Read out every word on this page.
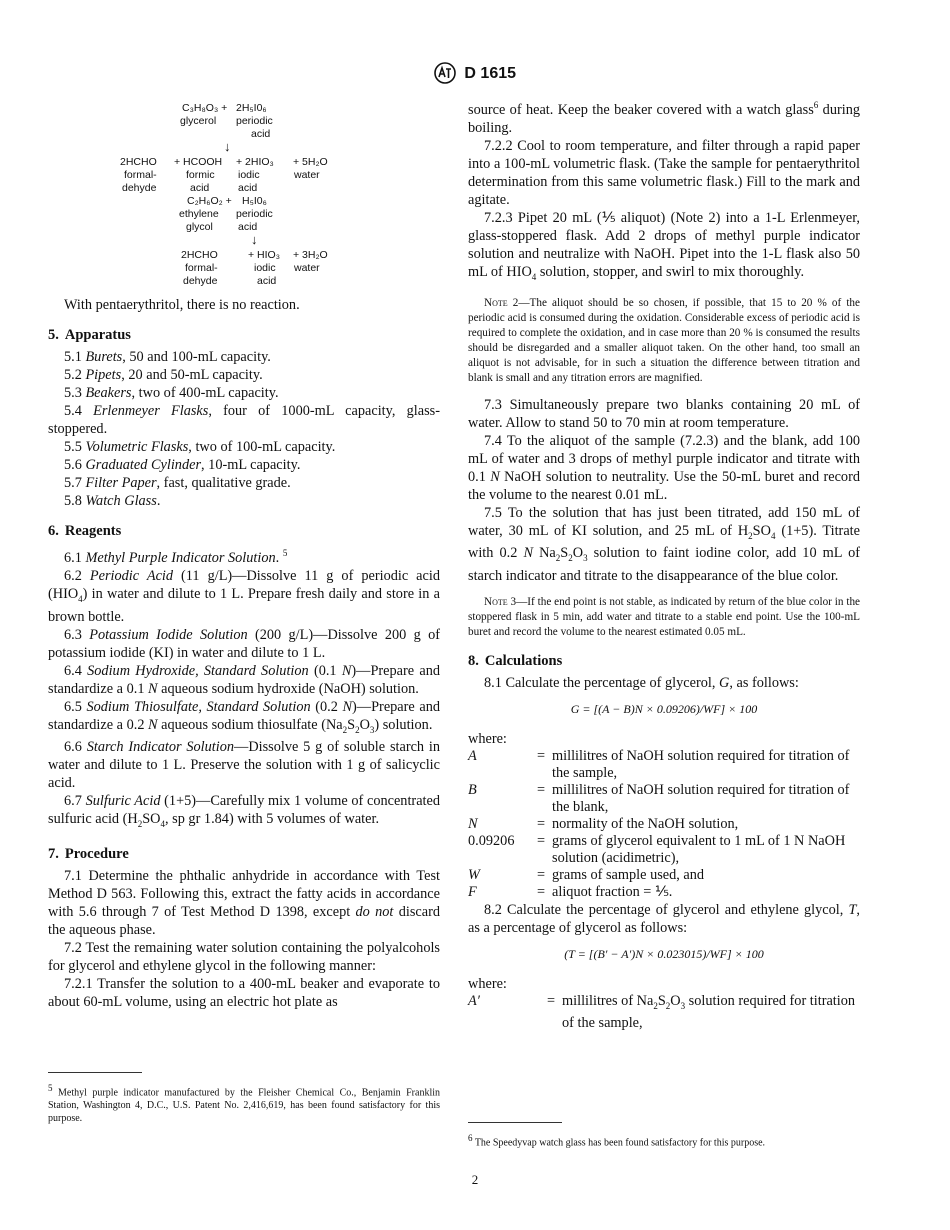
D 1615
C₃H₈O₃ + 2H₅I0₆
glycerol periodic
acid
↓
2HCHO + HCOOH + 2HIO₃ + 5H₂O
formal-	formic iodic	water
dehyde	acid	acid
C₂H₆O₂ + H₅I0₆
ethylene periodic
glycol acid
↓
2HCHO	+ HIO₃ + 3H₂O
formal-	iodic water
dehyde	acid

With pentaerythritol, there is no reaction.

5. Apparatus

5.1 Burets, 50 and 100-mL capacity.

5.2 Pipets, 20 and 50-mL capacity.

5.3 Beakers, two of 400-mL capacity.

5.4 Erlenmeyer Flasks, four of 1000-mL capacity, glass-stoppered.

5.5 Volumetric Flasks, two of 100-mL capacity.

5.6 Graduated Cylinder, 10-mL capacity.

5.7 Filter Paper, fast, qualitative grade.

5.8 Watch Glass.

6. Reagents

6.1 Methyl Purple Indicator Solution. $^5$

6.2 Periodic Acid (11 g/L)—Dissolve 11 g of periodic acid $(HIO_4)$ in water and dilute to 1 L. Prepare fresh daily and store in a brown bottle.

6.3 Potassium Iodide Solution (200 g/L)—Dissolve 200 g of potassium iodide (KI) in water and dilute to 1 L.

6.4 Sodium Hydroxide, Standard Solution (0.1 N)—Prepare and standardize a 0.1 N aqueous sodium hydroxide (NaOH) solution.

6.5 Sodium Thiosulfate, Standard Solution (0.2 N)—Prepare and standardize a 0.2 N aqueous sodium thiosulfate $(Na_2S_2O_3)$ solution.

6.6 Starch Indicator Solution—Dissolve 5 g of soluble starch in water and dilute to 1 L. Preserve the solution with 1 g of salicyclic acid.

6.7 Sulfuric Acid (1+5)—Carefully mix 1 volume of concentrated sulfuric acid ($H_2SO_4$, sp gr 1.84) with 5 volumes of water.

7. Procedure

7.1 Determine the phthalic anhydride in accordance with Test Method D 563. Following this, extract the fatty acids in accordance with 5.6 through 7 of Test Method D 1398, except do not discard the aqueous phase.

7.2 Test the remaining water solution containing the polyalcohols for glycerol and ethylene glycol in the following manner:

7.2.1 Transfer the solution to a 400-mL beaker and evaporate to about 60-mL volume, using an electric hot plate as

source of heat. Keep the beaker covered with a watch glass$^6$ during boiling.

7.2.2 Cool to room temperature, and filter through a rapid paper into a 100-mL volumetric flask. (Take the sample for pentaerythritol determination from this same volumetric flask.) Fill to the mark and agitate.

7.2.3 Pipet 20 mL (⅕ aliquot) (Note 2) into a 1-L Erlenmeyer, glass-stoppered flask. Add 2 drops of methyl purple indicator solution and neutralize with NaOH. Pipet into the 1-L flask also 50 mL of $HIO_4$ solution, stopper, and swirl to mix thoroughly.

Note 2—The aliquot should be so chosen, if possible, that 15 to 20 % of the periodic acid is consumed during the oxidation. Considerable excess of periodic acid is required to complete the oxidation, and in case more than 20 % is consumed the results should be disregarded and a smaller aliquot taken. On the other hand, too small an aliquot is not advisable, for in such a situation the difference between titration and blank is small and any titration errors are magnified.

7.3 Simultaneously prepare two blanks containing 20 mL of water. Allow to stand 50 to 70 min at room temperature.

7.4 To the aliquot of the sample (7.2.3) and the blank, add 100 mL of water and 3 drops of methyl purple indicator and titrate with 0.1 N NaOH solution to neutrality. Use the 50-mL buret and record the volume to the nearest 0.01 mL.

7.5 To the solution that has just been titrated, add 150 mL of water, 30 mL of KI solution, and 25 mL of $H_2SO_4$ (1+5). Titrate with 0.2 N $Na_2S_2O_3$ solution to faint iodine color, add 10 mL of starch indicator and titrate to the disappearance of the blue color.

Note 3—If the end point is not stable, as indicated by return of the blue color in the stoppered flask in 5 min, add water and titrate to a stable end point. Use the 100-mL buret and record the volume to the nearest estimated 0.05 mL.

8. Calculations

8.1 Calculate the percentage of glycerol, G, as follows:

G = [(A − B)N × 0.09206)/WF] × 100

where:

A	=	millilitres of NaOH solution required for titration of the sample,
B	=	millilitres of NaOH solution required for titration of the blank,
N	=	normality of the NaOH solution,
0.09206	=	grams of glycerol equivalent to 1 mL of 1 N NaOH solution (acidimetric),
W	=	grams of sample used, and
F	=	aliquot fraction = ⅕.

8.2 Calculate the percentage of glycerol and ethylene glycol, T, as a percentage of glycerol as follows:

(T = [(B′ − A′)N × 0.023015)/WF] × 100

where:

A′	=	millilitres of $Na_2S_2O_3$ solution required for titration of the sample,
$^5$ Methyl purple indicator manufactured by the Fleisher Chemical Co., Benjamin Franklin Station, Washington 4, D.C., U.S. Patent No. 2,416,619, has been found satisfactory for this purpose.
$^6$ The Speedyvap watch glass has been found satisfactory for this purpose.
2
